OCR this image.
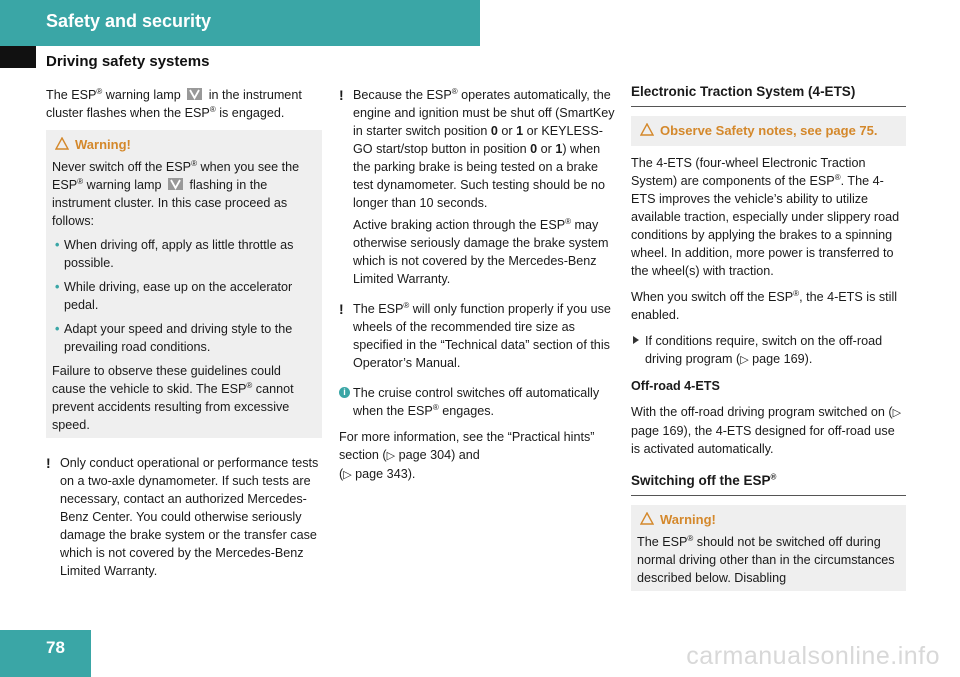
Safety and security
Driving safety systems
78	carmanualsonline.info

The ESP® warning lamp  in the instrument cluster flashes when the ESP® is engaged.

Warning!

Never switch off the ESP® when you see the ESP® warning lamp  flashing in the instrument cluster. In this case proceed as follows:

• When driving off, apply as little throttle as possible.
• While driving, ease up on the accelerator pedal.
• Adapt your speed and driving style to the prevailing road conditions.

Failure to observe these guidelines could cause the vehicle to skid. The ESP® cannot prevent accidents resulting from excessive speed.

! Only conduct operational or performance tests on a two-axle dynamometer. If such tests are necessary, contact an authorized Mercedes-Benz Center. You could otherwise seriously damage the brake system or the transfer case which is not covered by the Mercedes-Benz Limited Warranty.
! Because the ESP® operates automatically, the engine and ignition must be shut off (SmartKey in starter switch position 0 or 1 or KEYLESS-GO start/stop button in position 0 or 1) when the parking brake is being tested on a brake test dynamometer. Such testing should be no longer than 10 seconds.

Active braking action through the ESP® may otherwise seriously damage the brake system which is not covered by the Mercedes-Benz Limited Warranty.

! The ESP® will only function properly if you use wheels of the recommended tire size as specified in the “Technical data” section of this Operator’s Manual.
i The cruise control switches off automatically when the ESP® engages.

For more information, see the “Practical hints” section (▷ page 304) and
(▷ page 343).

Electronic Traction System (4-ETS)
Observe Safety notes, see page 75.

The 4-ETS (four-wheel Electronic Traction System) are components of the ESP®. The 4-ETS improves the vehicle’s ability to utilize available traction, especially under slippery road conditions by applying the brakes to a spinning wheel. In addition, more power is transferred to the wheel(s) with traction.

When you switch off the ESP®, the 4-ETS is still enabled.

If conditions require, switch on the off-road driving program (▷ page 169).

Off-road 4-ETS

With the off-road driving program switched on (▷ page 169), the 4-ETS designed for off-road use is activated automatically.

Switching off the ESP®
Warning!

The ESP® should not be switched off during normal driving other than in the circumstances described below. Disabling
